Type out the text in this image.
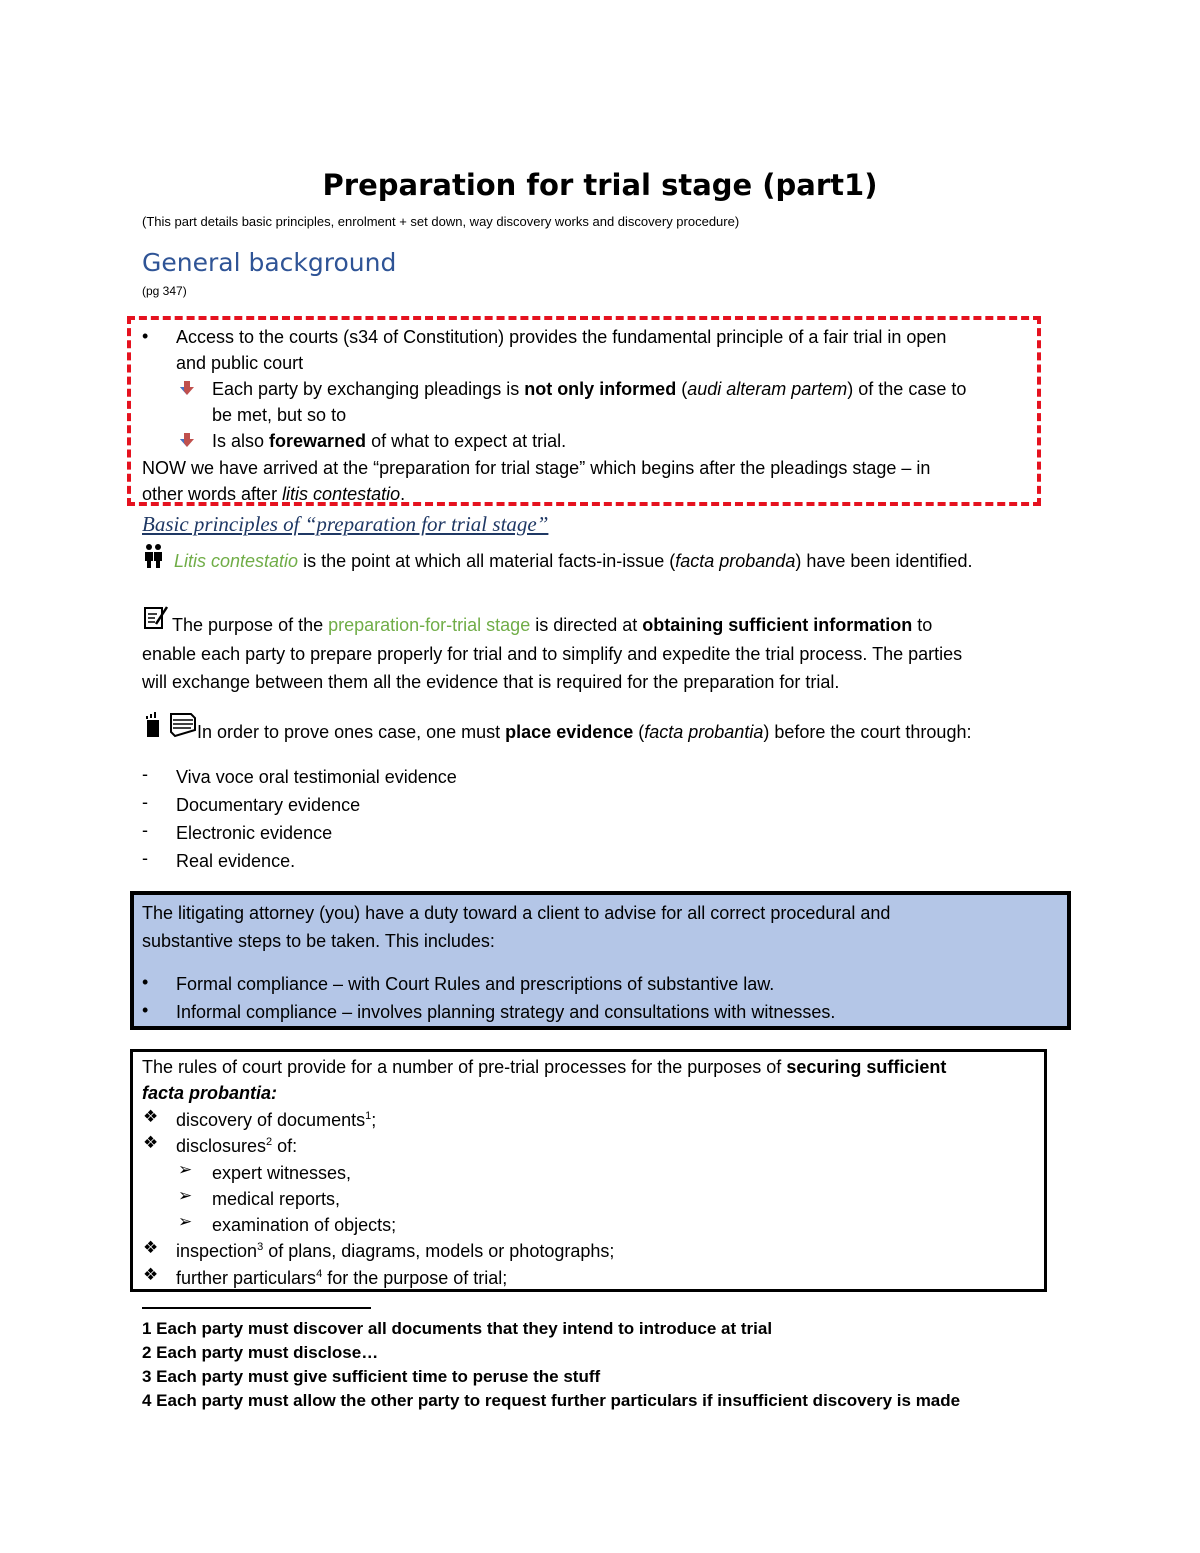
Preparation for trial stage (part1)
(This part details basic principles, enrolment + set down, way discovery works and discovery procedure)
General background
(pg 347)
• Access to the courts (s34 of Constitution) provides the fundamental principle of a fair trial in open
and public court
Each party by exchanging pleadings is not only informed (audi alteram partem) of the case to
be met, but so to
Is also forewarned of what to expect at trial.
NOW we have arrived at the “preparation for trial stage” which begins after the pleadings stage – in
other words after litis contestatio.
Basic principles of “preparation for trial stage”
Litis contestatio is the point at which all material facts-in-issue (facta probanda) have been identified.
The purpose of the preparation-for-trial stage is directed at obtaining sufficient information to
enable each party to prepare properly for trial and to simplify and expedite the trial process. The parties
will exchange between them all the evidence that is required for the preparation for trial.
In order to prove ones case, one must place evidence (facta probantia) before the court through:
- Viva voce oral testimonial evidence
- Documentary evidence
- Electronic evidence
- Real evidence.
The litigating attorney (you) have a duty toward a client to advise for all correct procedural and
substantive steps to be taken. This includes:
• Formal compliance – with Court Rules and prescriptions of substantive law.
• Informal compliance – involves planning strategy and consultations with witnesses.
The rules of court provide for a number of pre-trial processes for the purposes of securing sufficient
facta probantia:
❖ discovery of documents$^1$;
❖ disclosures$^2$ of:
➢ expert witnesses,
➢ medical reports,
➢ examination of objects;
❖ inspection$^3$ of plans, diagrams, models or photographs;
❖ further particulars$^4$ for the purpose of trial;
1 Each party must discover all documents that they intend to introduce at trial
2 Each party must disclose…
3 Each party must give sufficient time to peruse the stuff
4 Each party must allow the other party to request further particulars if insufficient discovery is made
